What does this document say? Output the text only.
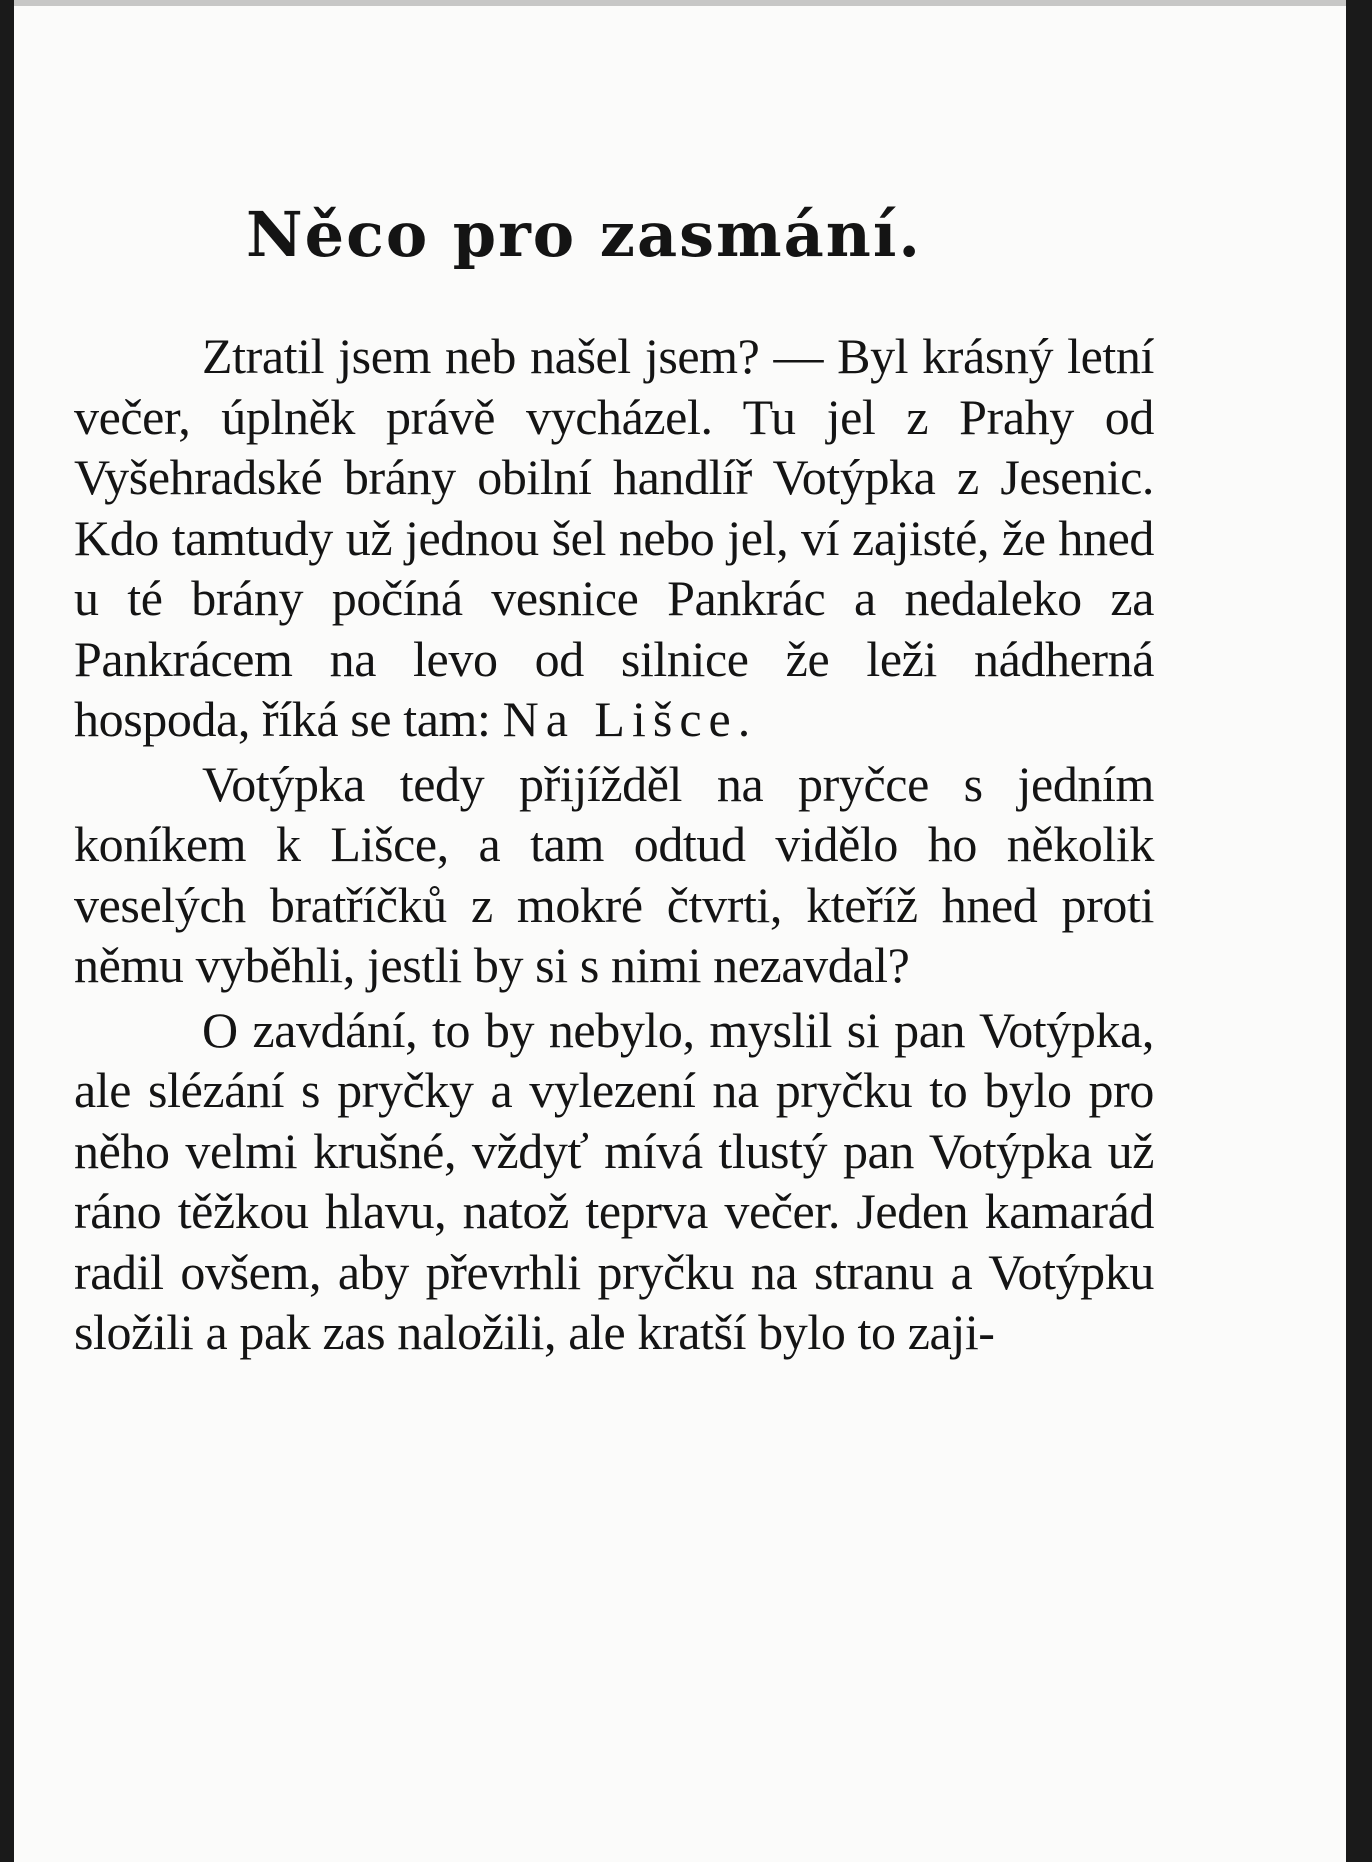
Něco pro zasmání.

Ztratil jsem neb našel jsem? — Byl krásný letní večer, úplněk právě vycházel. Tu jel z Prahy od Vyšehradské brány obilní handlíř Votýpka z Jesenic. Kdo tamtudy už jednou šel nebo jel, ví zajisté, že hned u té brány počíná vesnice Pankrác a nedaleko za Pankrácem na levo od silnice že leži nádherná hospoda, říká se tam: Na Lišce.

Votýpka tedy přijížděl na pryčce s jedním koníkem k Lišce, a tam odtud vidělo ho několik veselých bratříčků z mokré čtvrti, kteříž hned proti němu vyběhli, jestli by si s nimi nezavdal?

O zavdání, to by nebylo, myslil si pan Votýpka, ale slézání s pryčky a vylezení na pryčku to bylo pro něho velmi krušné, vždyť mívá tlustý pan Votýpka už ráno těžkou hlavu, natož teprva večer. Jeden kamarád radil ovšem, aby převrhli pryčku na stranu a Votýpku složili a pak zas naložili, ale kratší bylo to zaji-
